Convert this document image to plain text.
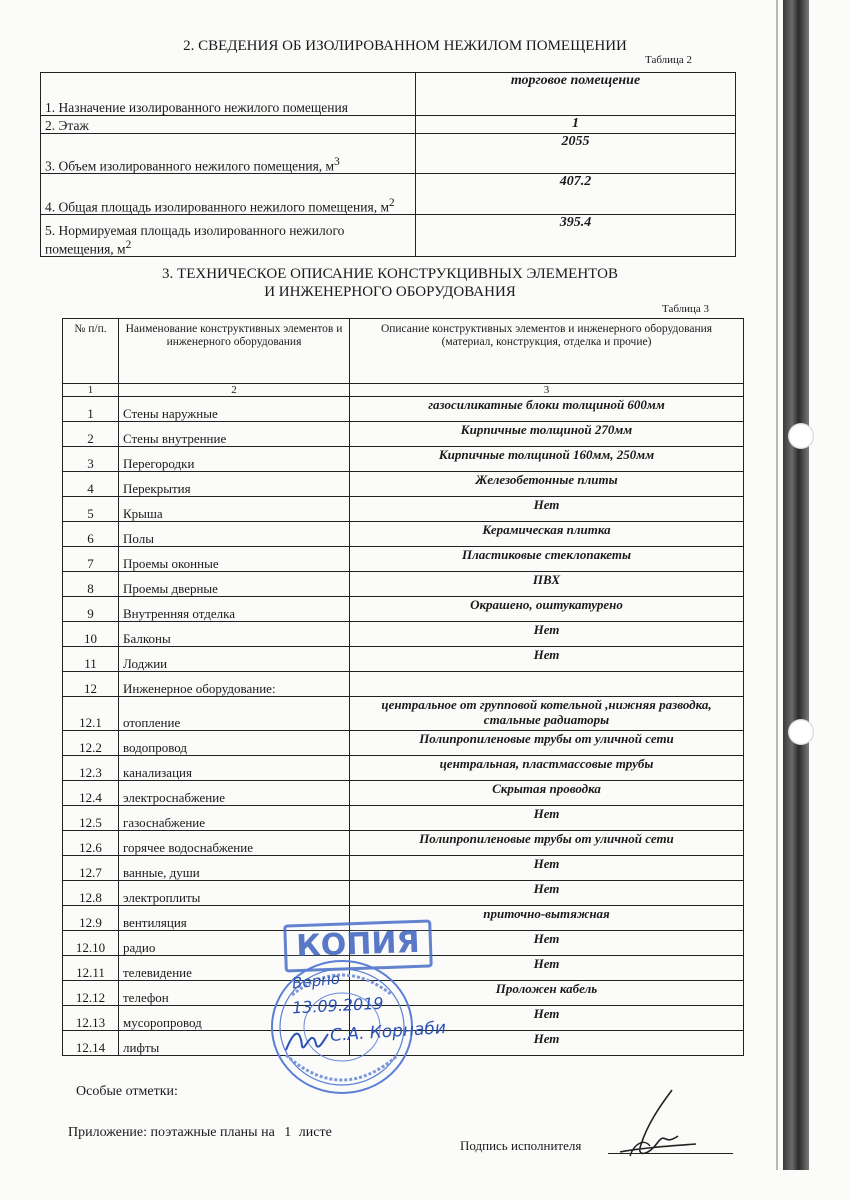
2. СВЕДЕНИЯ ОБ ИЗОЛИРОВАННОМ НЕЖИЛОМ ПОМЕЩЕНИИ
Таблица 2
1. Назначение изолированного нежилого помещения	торговое помещение
2. Этаж	1
3. Объем изолированного нежилого помещения, $м^3$	2055
4. Общая площадь изолированного нежилого помещения, $м^2$	407.2
5. Нормируемая площадь изолированного нежилого помещения, $м^2$	395.4
3. ТЕХНИЧЕСКОЕ ОПИСАНИЕ КОНСТРУКЦИВНЫХ ЭЛЕМЕНТОВ
И ИНЖЕНЕРНОГО ОБОРУДОВАНИЯ
Таблица 3
№ п/п.	Наименование конструктивных элементов и инженерного оборудования	Описание конструктивных элементов и инженерного оборудования (материал, конструкция, отделка и прочие)
1	2	3
1	Стены наружные	газосиликатные блоки толщиной 600мм
2	Стены внутренние	Кирпичные толщиной 270мм
3	Перегородки	Кирпичные толщиной 160мм, 250мм
4	Перекрытия	Железобетонные плиты
5	Крыша	Нет
6	Полы	Керамическая плитка
7	Проемы оконные	Пластиковые стеклопакеты
8	Проемы дверные	ПВХ
9	Внутренняя отделка	Окрашено, оштукатурено
10	Балконы	Нет
11	Лоджии	Нет
12	Инженерное оборудование:	
12.1	отопление	центральное от групповой котельной ,нижняя разводка, стальные радиаторы
12.2	водопровод	Полипропиленовые трубы от уличной сети
12.3	канализация	центральная, пластмассовые трубы
12.4	электроснабжение	Скрытая проводка
12.5	газоснабжение	Нет
12.6	горячее водоснабжение	Полипропиленовые трубы от уличной сети
12.7	ванные, души	Нет
12.8	электроплиты	Нет
12.9	вентиляция	приточно-вытяжная
12.10	радио	Нет
12.11	телевидение	Нет
12.12	телефон	Проложен кабель
12.13	мусоропровод	Нет
12.14	лифты	Нет
КОПИЯ
Верно
13.09.2019
С.А. Корнаби
Особые отметки:
Приложение: поэтажные планы на 1 листе
Подпись исполнителя
